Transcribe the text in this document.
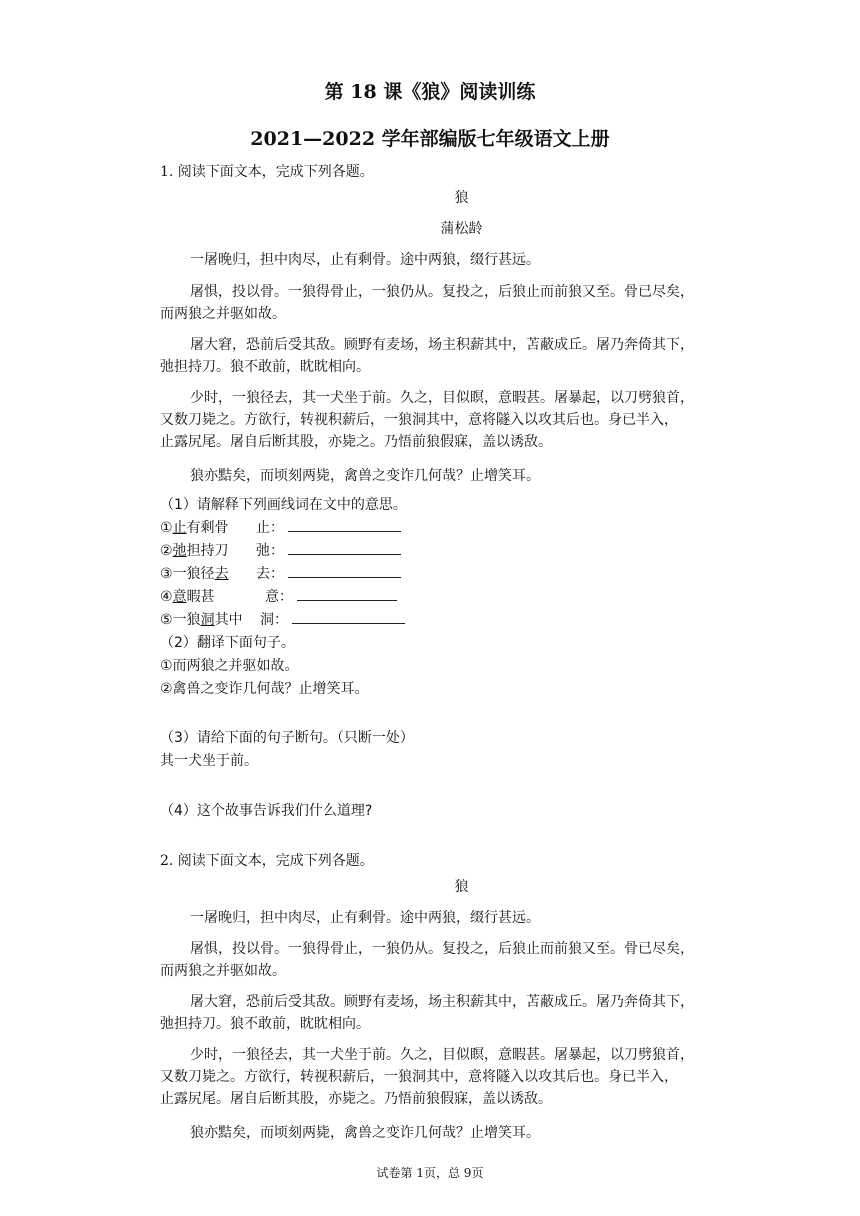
第 18 课《狼》阅读训练
2021—2022 学年部编版七年级语文上册
1. 阅读下面文本，完成下列各题。
狼
蒲松龄
一屠晚归，担中肉尽，止有剩骨。途中两狼，缀行甚远。
屠惧，投以骨。一狼得骨止，一狼仍从。复投之，后狼止而前狼又至。骨已尽矣，
而两狼之并驱如故。
屠大窘，恐前后受其敌。顾野有麦场，场主积薪其中，苫蔽成丘。屠乃奔倚其下，
弛担持刀。狼不敢前，眈眈相向。
少时，一狼径去，其一犬坐于前。久之，目似瞑，意暇甚。屠暴起，以刀劈狼首，
又数刀毙之。方欲行，转视积薪后，一狼洞其中，意将隧入以攻其后也。身已半入，
止露尻尾。屠自后断其股，亦毙之。乃悟前狼假寐，盖以诱敌。
狼亦黠矣，而顷刻两毙，禽兽之变诈几何哉？止增笑耳。
（1）请解释下列画线词在文中的意思。
①止有剩骨 止：
②弛担持刀 弛：
③一狼径去 去：
④意暇甚	意：
⑤一狼洞其中 洞：
（2）翻译下面句子。
①而两狼之并驱如故。
②禽兽之变诈几何哉？止增笑耳。
（3）请给下面的句子断句。（只断一处）
其一犬坐于前。
（4）这个故事告诉我们什么道理?
2. 阅读下面文本，完成下列各题。
狼
一屠晚归，担中肉尽，止有剩骨。途中两狼，缀行甚远。
屠惧，投以骨。一狼得骨止，一狼仍从。复投之，后狼止而前狼又至。骨已尽矣，
而两狼之并驱如故。
屠大窘，恐前后受其敌。顾野有麦场，场主积薪其中，苫蔽成丘。屠乃奔倚其下，
弛担持刀。狼不敢前，眈眈相向。
少时，一狼径去，其一犬坐于前。久之，目似瞑，意暇甚。屠暴起，以刀劈狼首，
又数刀毙之。方欲行，转视积薪后，一狼洞其中，意将隧入以攻其后也。身已半入，
止露尻尾。屠自后断其股，亦毙之。乃悟前狼假寐，盖以诱敌。
狼亦黠矣，而顷刻两毙，禽兽之变诈几何哉？止增笑耳。
试卷第 1页，总 9页
